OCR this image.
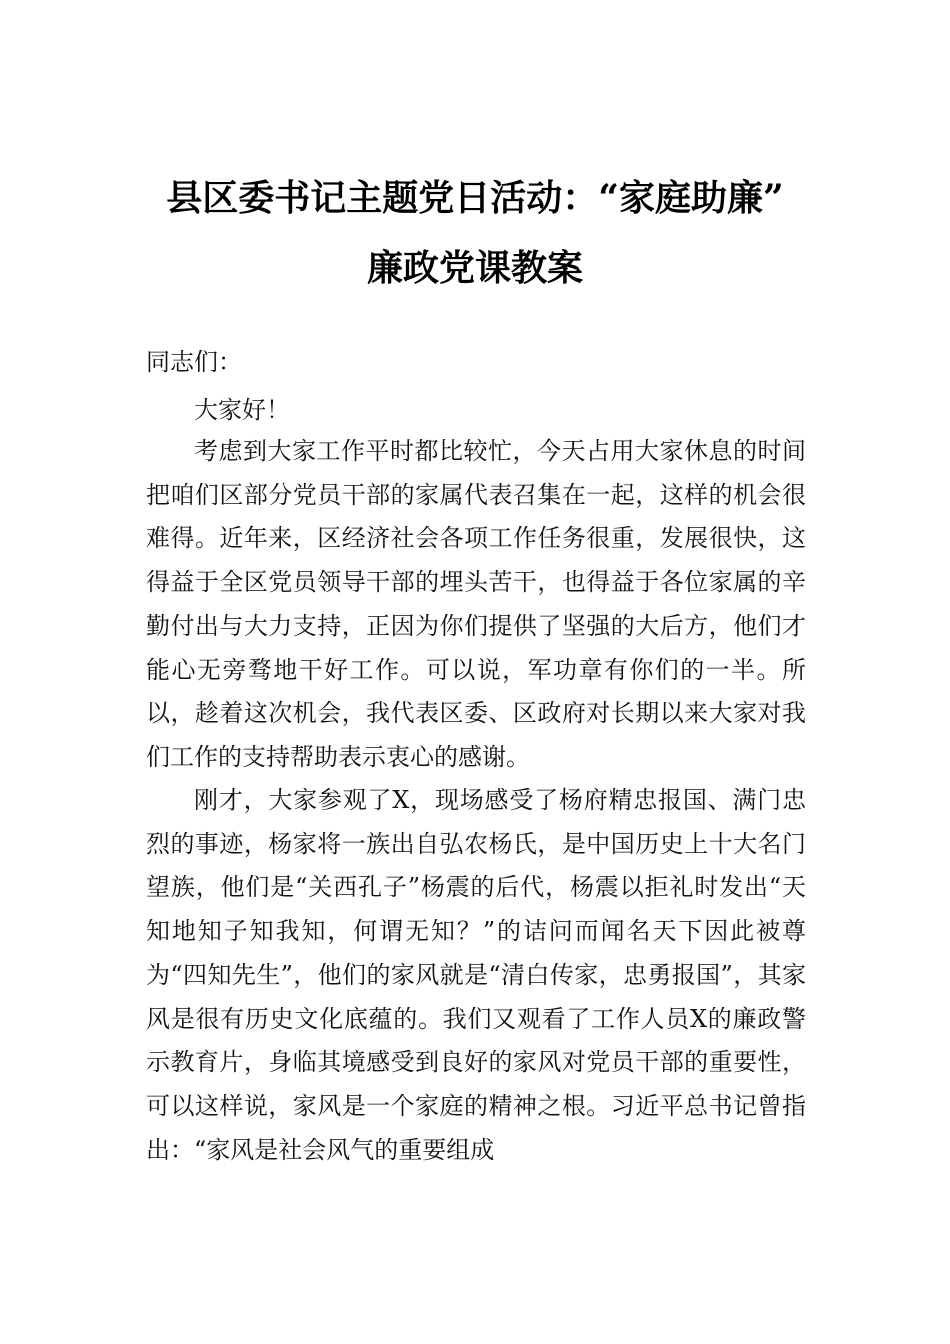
县区委书记主题党日活动：“家庭助廉”
廉政党课教案
同志们：
大家好！
考虑到大家工作平时都比较忙，今天占用大家休息的时间把咱们区部分党员干部的家属代表召集在一起，这样的机会很难得。近年来，区经济社会各项工作任务很重，发展很快，这得益于全区党员领导干部的埋头苦干，也得益于各位家属的辛勤付出与大力支持，正因为你们提供了坚强的大后方，他们才能心无旁骛地干好工作。可以说，军功章有你们的一半。所以，趁着这次机会，我代表区委、区政府对长期以来大家对我们工作的支持帮助表示衷心的感谢。
刚才，大家参观了X，现场感受了杨府精忠报国、满门忠烈的事迹，杨家将一族出自弘农杨氏，是中国历史上十大名门望族，他们是“关西孔子”杨震的后代，杨震以拒礼时发出“天知地知子知我知，何谓无知？”的诘问而闻名天下因此被尊为“四知先生”，他们的家风就是“清白传家，忠勇报国”，其家风是很有历史文化底蕴的。我们又观看了工作人员X的廉政警示教育片，身临其境感受到良好的家风对党员干部的重要性，可以这样说，家风是一个家庭的精神之根。习近平总书记曾指出：“家风是社会风气的重要组成
